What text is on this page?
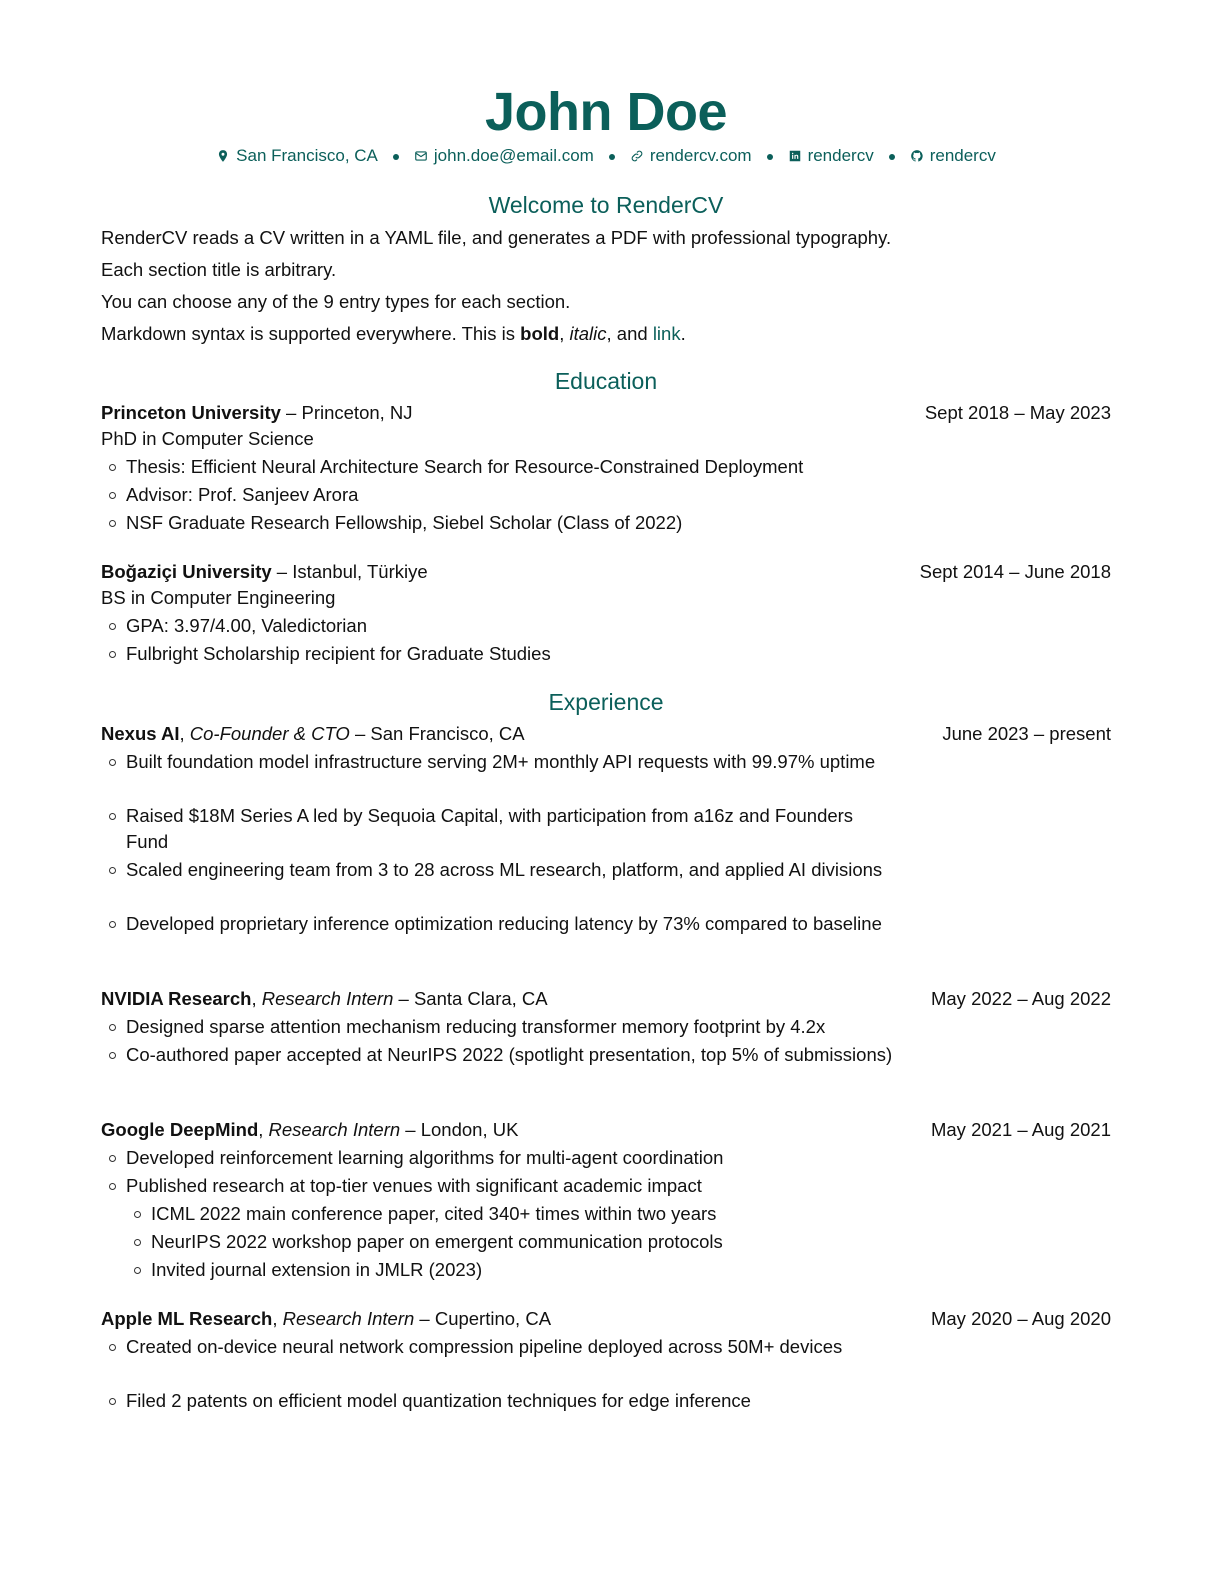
John Doe
San Francisco, CA	john.doe@email.com	rendercv.com	rendercv	rendercv
Welcome to RenderCV
RenderCV reads a CV written in a YAML file, and generates a PDF with professional typography.
Each section title is arbitrary.
You can choose any of the 9 entry types for each section.
Markdown syntax is supported everywhere. This is bold, italic, and link.
Education
Princeton University – Princeton, NJ	Sept 2018 – May 2023
PhD in Computer Science
Thesis: Efficient Neural Architecture Search for Resource-Constrained Deployment
Advisor: Prof. Sanjeev Arora
NSF Graduate Research Fellowship, Siebel Scholar (Class of 2022)
Boğaziçi University – Istanbul, Türkiye	Sept 2014 – June 2018
BS in Computer Engineering
GPA: 3.97/4.00, Valedictorian
Fulbright Scholarship recipient for Graduate Studies
Experience
Nexus AI, Co-Founder & CTO – San Francisco, CA	June 2023 – present
Built foundation model infrastructure serving 2M+ monthly API requests with 99.97% uptime
Raised $18M Series A led by Sequoia Capital, with participation from a16z and Founders Fund
Scaled engineering team from 3 to 28 across ML research, platform, and applied AI divisions
Developed proprietary inference optimization reducing latency by 73% compared to baseline
NVIDIA Research, Research Intern – Santa Clara, CA	May 2022 – Aug 2022
Designed sparse attention mechanism reducing transformer memory footprint by 4.2x
Co-authored paper accepted at NeurIPS 2022 (spotlight presentation, top 5% of submissions)
Google DeepMind, Research Intern – London, UK	May 2021 – Aug 2021
Developed reinforcement learning algorithms for multi-agent coordination
Published research at top-tier venues with significant academic impact
ICML 2022 main conference paper, cited 340+ times within two years
NeurIPS 2022 workshop paper on emergent communication protocols
Invited journal extension in JMLR (2023)
Apple ML Research, Research Intern – Cupertino, CA	May 2020 – Aug 2020
Created on-device neural network compression pipeline deployed across 50M+ devices
Filed 2 patents on efficient model quantization techniques for edge inference
